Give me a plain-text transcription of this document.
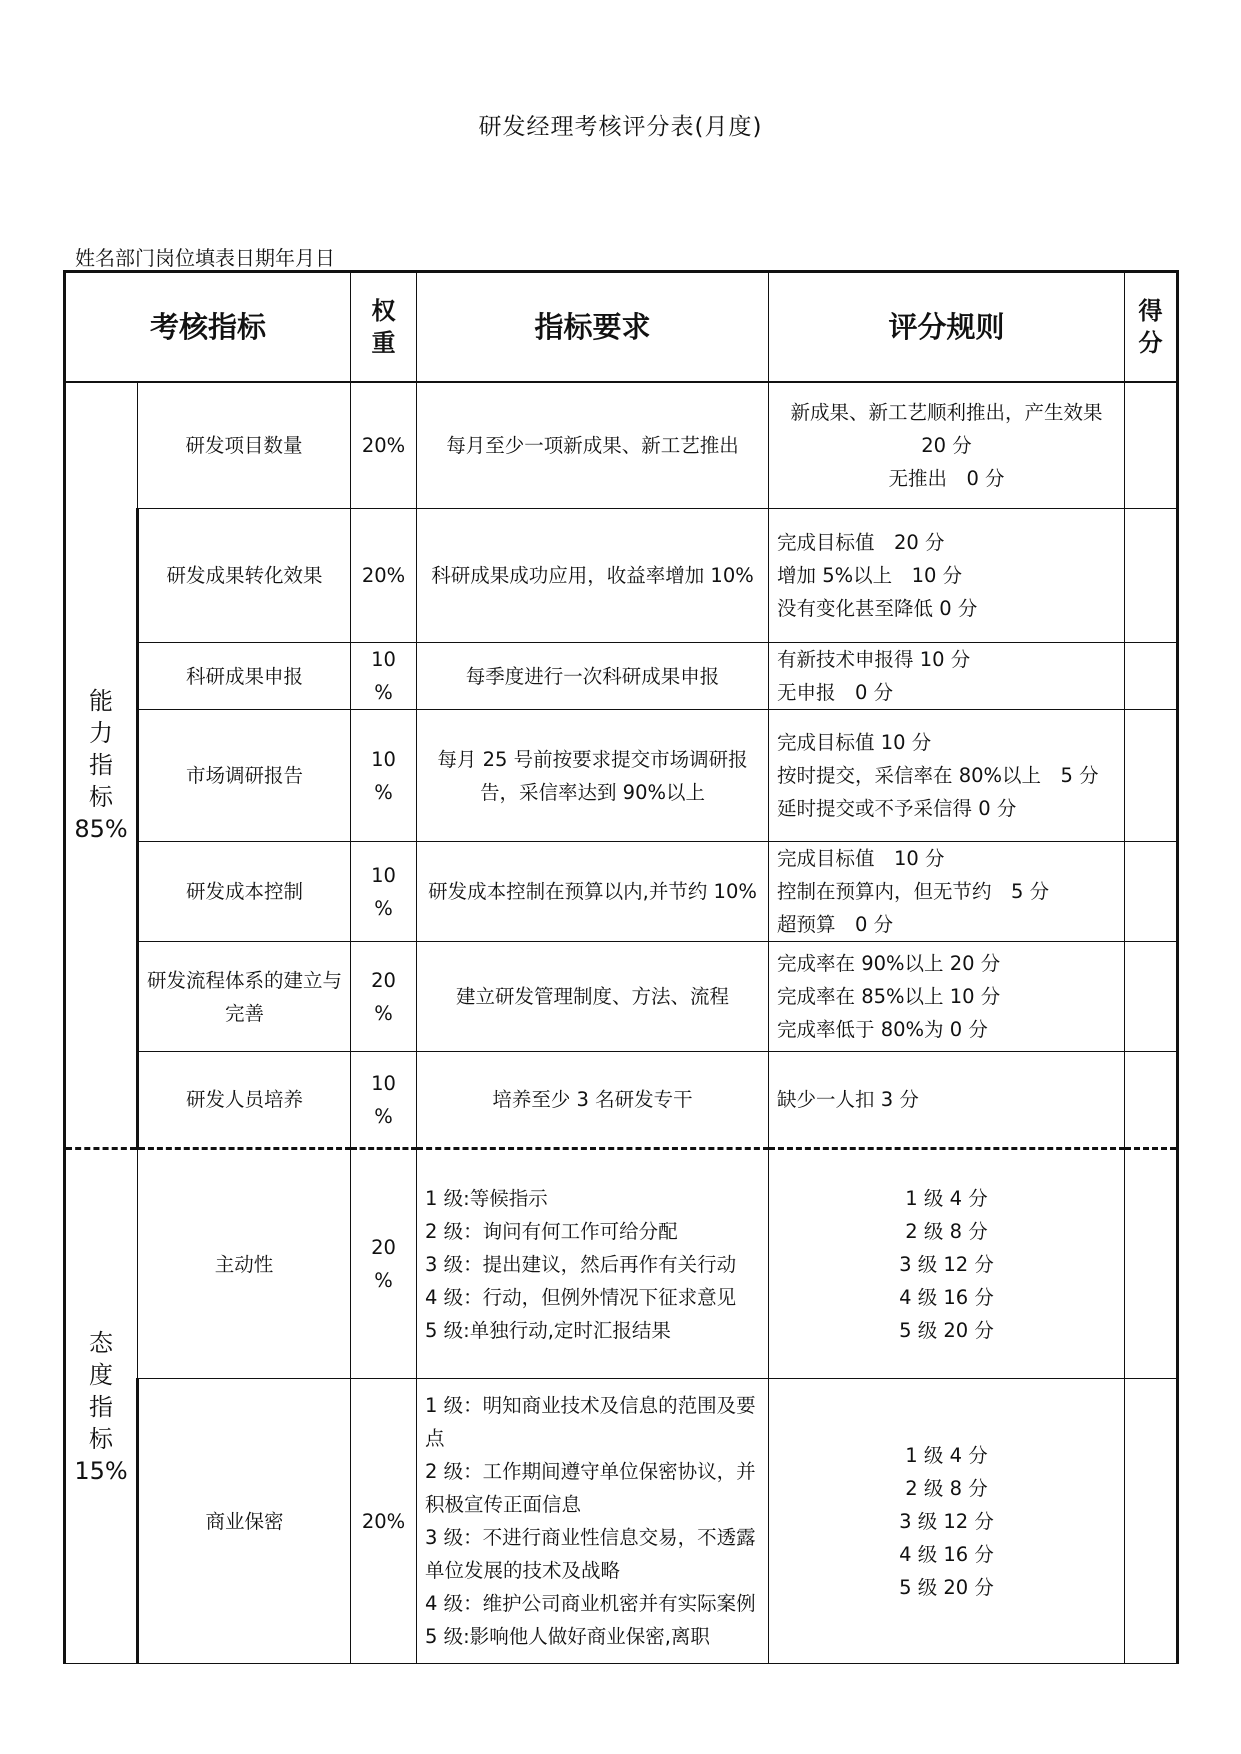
研发经理考核评分表(月度)
姓名部门岗位填表日期年月日
考核指标		权
重	指标要求	评分规则	得
分
能
力
指
标
85%	研发项目数量	20%	每月至少一项新成果、新工艺推出	新成果、新工艺顺利推出，产生效果 20 分
无推出　0 分	
	研发成果转化效果	20%	科研成果成功应用，收益率增加 10%	完成目标值　20 分
增加 5%以上　10 分
没有变化甚至降低 0 分	
	科研成果申报	10
%	每季度进行一次科研成果申报	有新技术申报得 10 分
无申报　0 分	
	市场调研报告	10
%	每月 25 号前按要求提交市场调研报告，采信率达到 90%以上	完成目标值 10 分
按时提交，采信率在 80%以上　5 分
延时提交或不予采信得 0 分	
	研发成本控制	10
%	研发成本控制在预算以内,并节约 10%	完成目标值　10 分
控制在预算内，但无节约　5 分
超预算　0 分	
	研发流程体系的建立与完善	20
%	建立研发管理制度、方法、流程	完成率在 90%以上 20 分
完成率在 85%以上 10 分
完成率低于 80%为 0 分	
	研发人员培养	10
%	培养至少 3 名研发专干	缺少一人扣 3 分	
态
度
指
标
15%	主动性	20
%	1 级:等候指示
2 级：询问有何工作可给分配
3 级：提出建议，然后再作有关行动
4 级：行动，但例外情况下征求意见
5 级:单独行动,定时汇报结果	1 级 4 分
2 级 8 分
3 级 12 分
4 级 16 分
5 级 20 分	
	商业保密	20%	1 级：明知商业技术及信息的范围及要点
2 级：工作期间遵守单位保密协议，并积极宣传正面信息
3 级：不进行商业性信息交易，不透露单位发展的技术及战略
4 级：维护公司商业机密并有实际案例
5 级:影响他人做好商业保密,离职	1 级 4 分
2 级 8 分
3 级 12 分
4 级 16 分
5 级 20 分	
